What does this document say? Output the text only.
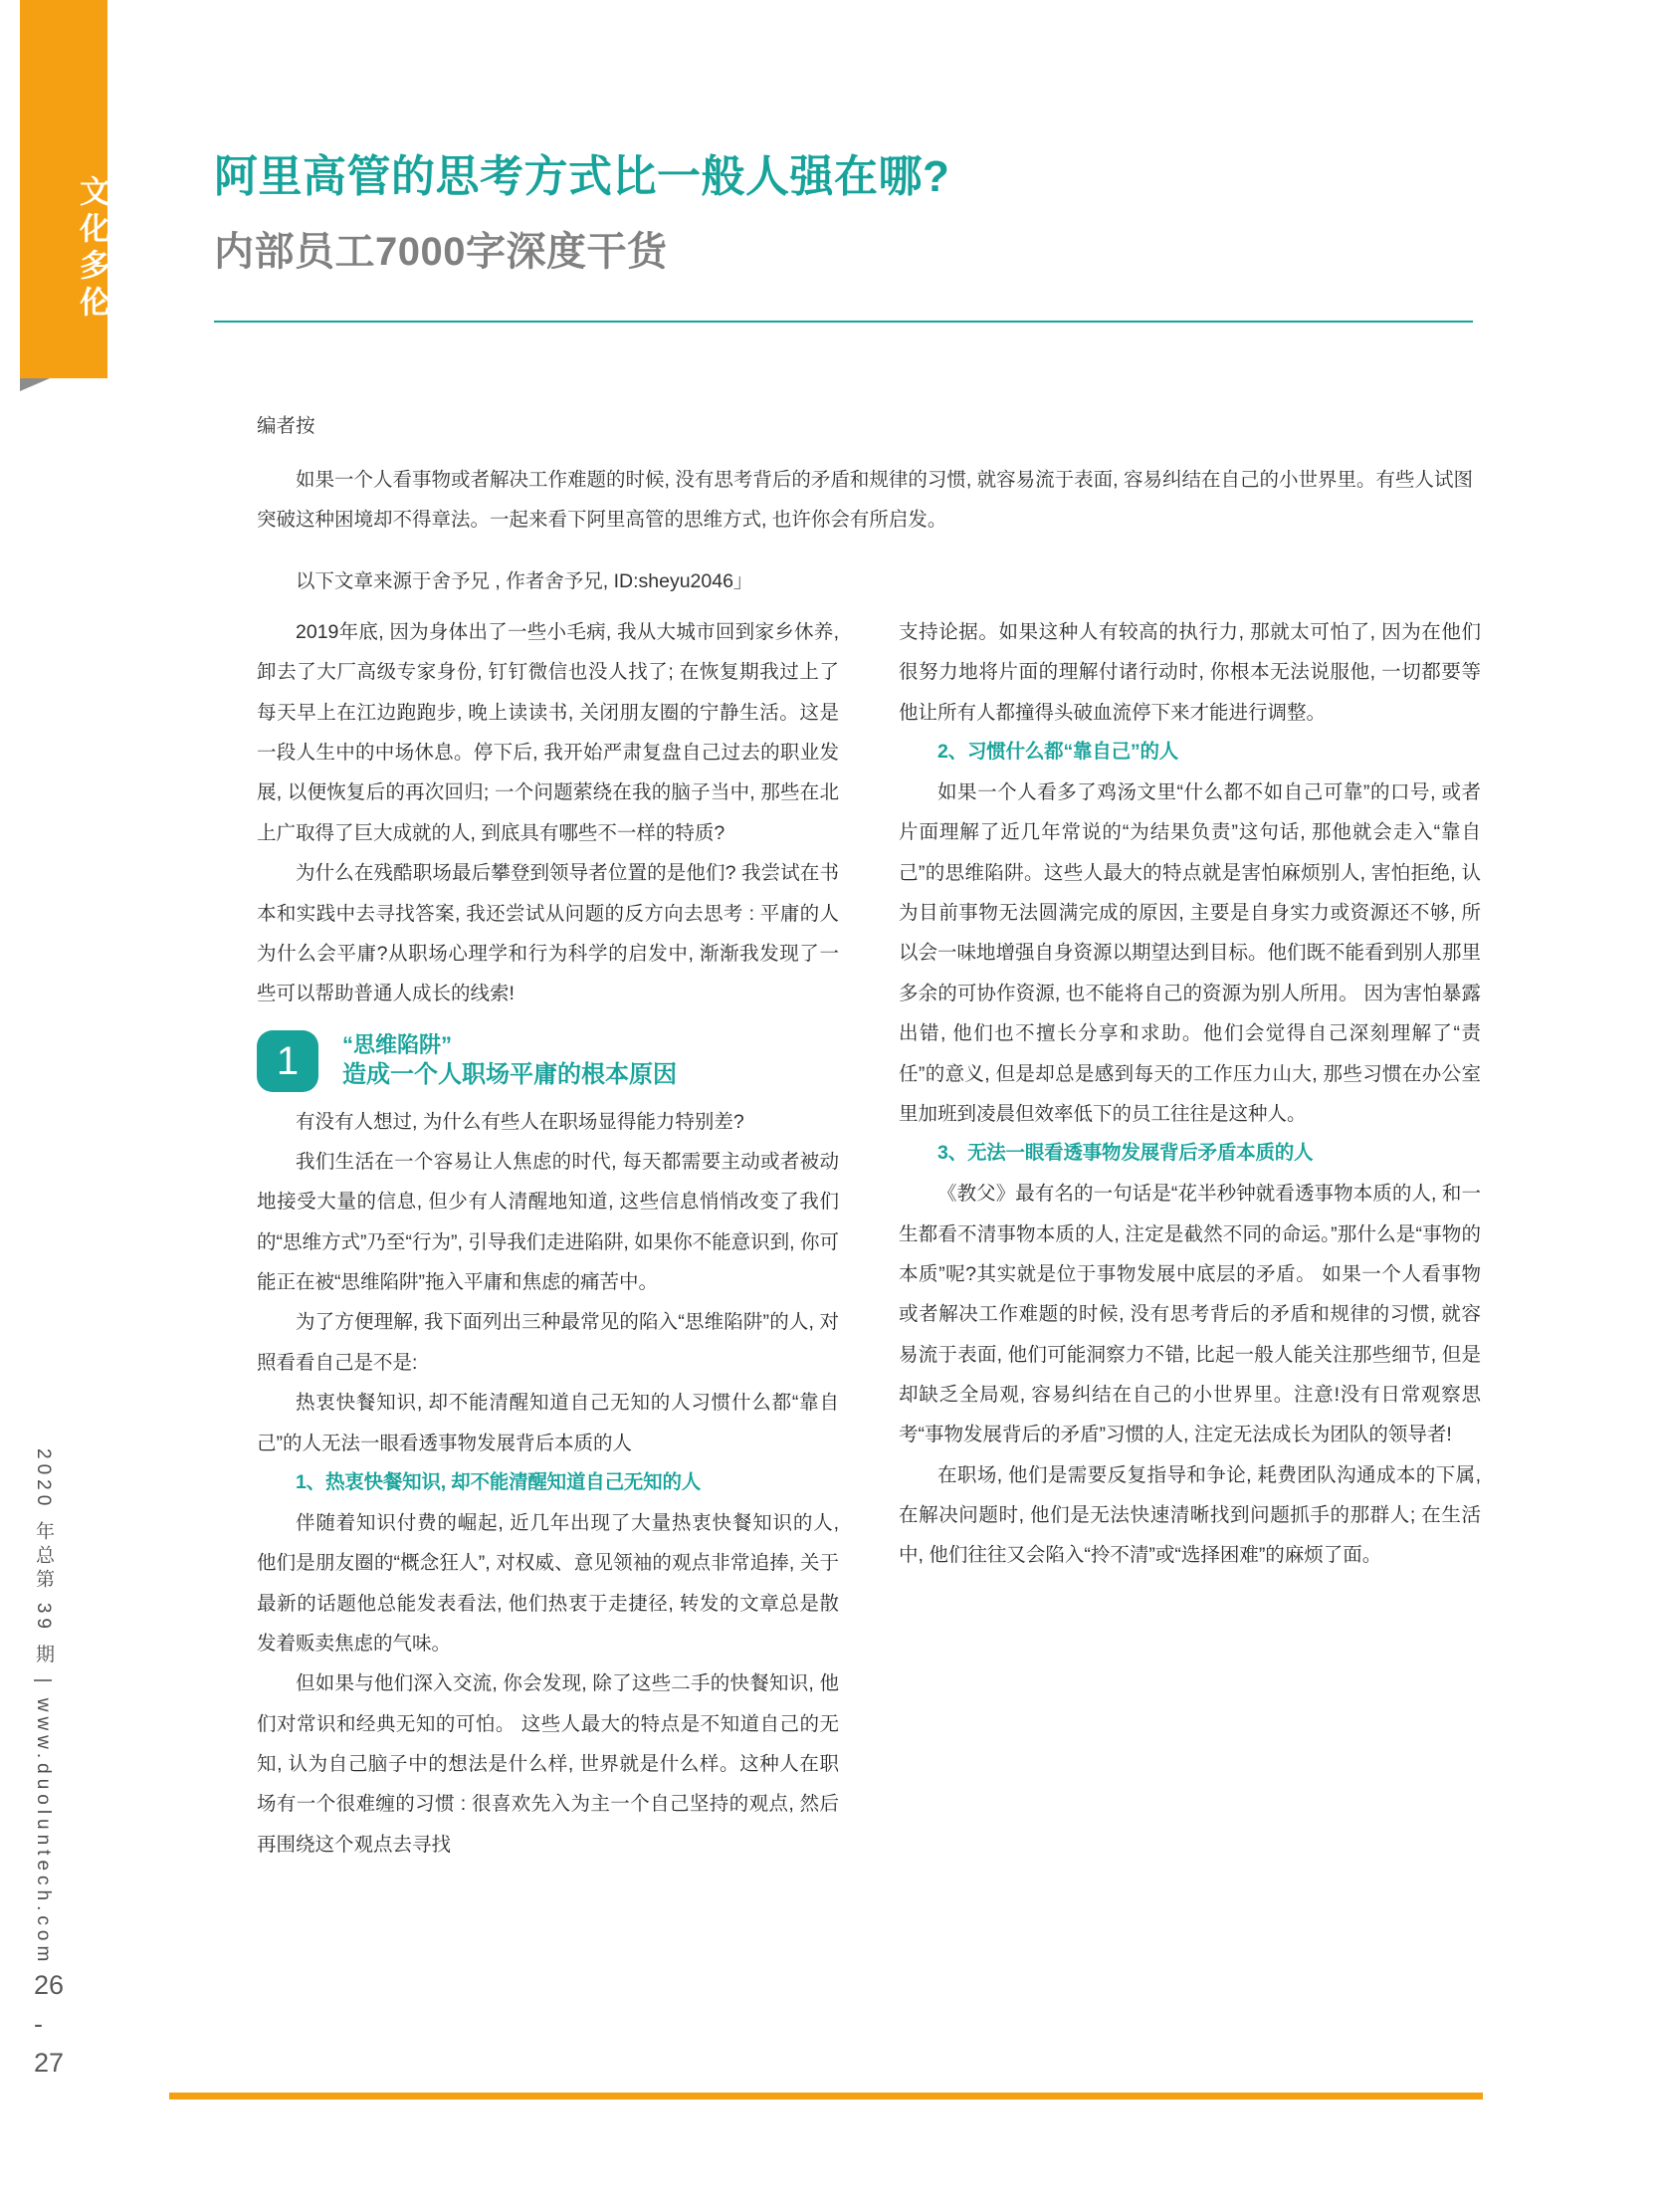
文化多伦 阿里高管的思考方式比一般人强在哪?
内部员工7000字深度干货
编者按
如果一个人看事物或者解决工作难题的时候, 没有思考背后的矛盾和规律的习惯, 就容易流于表面, 容易纠结在自己的小世界里。有些人试图突破这种困境却不得章法。一起来看下阿里高管的思维方式, 也许你会有所启发。
以下文章来源于舍予兄 , 作者舍予兄, ID:sheyu2046」

2019年底, 因为身体出了一些小毛病, 我从大城市回到家乡休养, 卸去了大厂高级专家身份, 钉钉微信也没人找了; 在恢复期我过上了每天早上在江边跑跑步, 晚上读读书, 关闭朋友圈的宁静生活。这是一段人生中的中场休息。停下后, 我开始严肃复盘自己过去的职业发展, 以便恢复后的再次回归; 一个问题萦绕在我的脑子当中, 那些在北上广取得了巨大成就的人, 到底具有哪些不一样的特质?

为什么在残酷职场最后攀登到领导者位置的是他们? 我尝试在书本和实践中去寻找答案, 我还尝试从问题的反方向去思考 : 平庸的人为什么会平庸?从职场心理学和行为科学的启发中, 渐渐我发现了一些可以帮助普通人成长的线索!

1	“思维陷阱”
造成一个人职场平庸的根本原因

有没有人想过, 为什么有些人在职场显得能力特别差?

我们生活在一个容易让人焦虑的时代, 每天都需要主动或者被动地接受大量的信息, 但少有人清醒地知道, 这些信息悄悄改变了我们的“思维方式”乃至“行为”, 引导我们走进陷阱, 如果你不能意识到, 你可能正在被“思维陷阱”拖入平庸和焦虑的痛苦中。

为了方便理解, 我下面列出三种最常见的陷入“思维陷阱”的人, 对照看看自己是不是:

热衷快餐知识, 却不能清醒知道自己无知的人习惯什么都“靠自己”的人无法一眼看透事物发展背后本质的人

1、热衷快餐知识, 却不能清醒知道自己无知的人

伴随着知识付费的崛起, 近几年出现了大量热衷快餐知识的人, 他们是朋友圈的“概念狂人”, 对权威、意见领袖的观点非常追捧, 关于最新的话题他总能发表看法, 他们热衷于走捷径, 转发的文章总是散发着贩卖焦虑的气味。

但如果与他们深入交流, 你会发现, 除了这些二手的快餐知识, 他们对常识和经典无知的可怕。 这些人最大的特点是不知道自己的无知, 认为自己脑子中的想法是什么样, 世界就是什么样。这种人在职场有一个很难缠的习惯 : 很喜欢先入为主一个自己坚持的观点, 然后再围绕这个观点去寻找

支持论据。如果这种人有较高的执行力, 那就太可怕了, 因为在他们很努力地将片面的理解付诸行动时, 你根本无法说服他, 一切都要等他让所有人都撞得头破血流停下来才能进行调整。

2、习惯什么都“靠自己”的人

如果一个人看多了鸡汤文里“什么都不如自己可靠”的口号, 或者片面理解了近几年常说的“为结果负责”这句话, 那他就会走入“靠自己”的思维陷阱。这些人最大的特点就是害怕麻烦别人, 害怕拒绝, 认为目前事物无法圆满完成的原因, 主要是自身实力或资源还不够, 所以会一味地增强自身资源以期望达到目标。他们既不能看到别人那里多余的可协作资源, 也不能将自己的资源为别人所用。 因为害怕暴露出错, 他们也不擅长分享和求助。他们会觉得自己深刻理解了“责任”的意义, 但是却总是感到每天的工作压力山大, 那些习惯在办公室里加班到凌晨但效率低下的员工往往是这种人。

3、无法一眼看透事物发展背后矛盾本质的人

《教父》最有名的一句话是“花半秒钟就看透事物本质的人, 和一生都看不清事物本质的人, 注定是截然不同的命运。”那什么是“事物的本质”呢?其实就是位于事物发展中底层的矛盾。 如果一个人看事物或者解决工作难题的时候, 没有思考背后的矛盾和规律的习惯, 就容易流于表面, 他们可能洞察力不错, 比起一般人能关注那些细节, 但是却缺乏全局观, 容易纠结在自己的小世界里。注意!没有日常观察思考“事物发展背后的矛盾”习惯的人, 注定无法成长为团队的领导者!

在职场, 他们是需要反复指导和争论, 耗费团队沟通成本的下属, 在解决问题时, 他们是无法快速清晰找到问题抓手的那群人; 在生活中, 他们往往又会陷入“拎不清”或“选择困难”的麻烦了面。

2020 年总第 39 期 | www.duoluntech.com
26
-
27
